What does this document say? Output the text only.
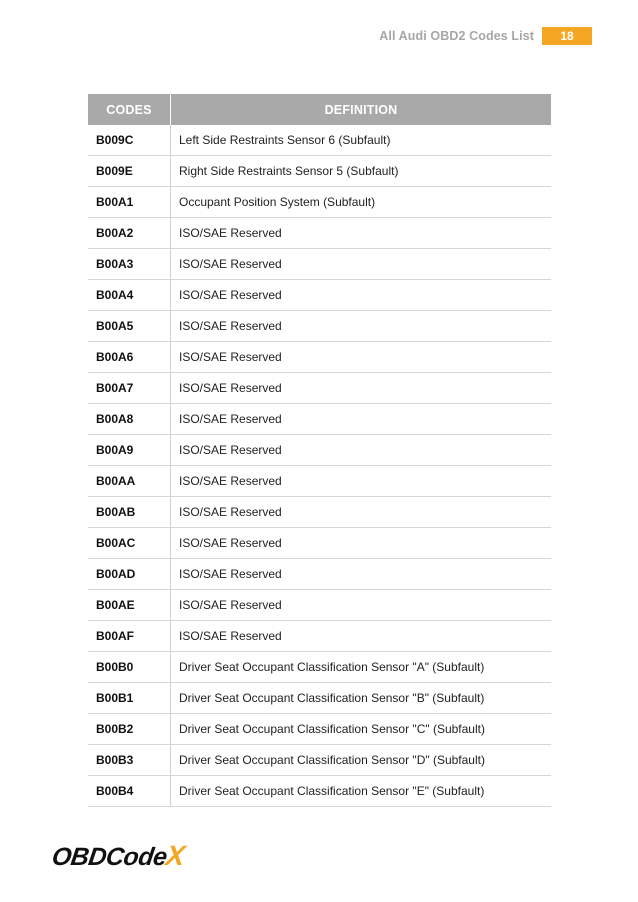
All Audi OBD2 Codes List	18
CODES	DEFINITION
B009C	Left Side Restraints Sensor 6 (Subfault)
B009E	Right Side Restraints Sensor 5 (Subfault)
B00A1	Occupant Position System (Subfault)
B00A2	ISO/SAE Reserved
B00A3	ISO/SAE Reserved
B00A4	ISO/SAE Reserved
B00A5	ISO/SAE Reserved
B00A6	ISO/SAE Reserved
B00A7	ISO/SAE Reserved
B00A8	ISO/SAE Reserved
B00A9	ISO/SAE Reserved
B00AA	ISO/SAE Reserved
B00AB	ISO/SAE Reserved
B00AC	ISO/SAE Reserved
B00AD	ISO/SAE Reserved
B00AE	ISO/SAE Reserved
B00AF	ISO/SAE Reserved
B00B0	Driver Seat Occupant Classification Sensor "A" (Subfault)
B00B1	Driver Seat Occupant Classification Sensor "B" (Subfault)
B00B2	Driver Seat Occupant Classification Sensor "C" (Subfault)
B00B3	Driver Seat Occupant Classification Sensor "D" (Subfault)
B00B4	Driver Seat Occupant Classification Sensor "E" (Subfault)
OBDCode
X
